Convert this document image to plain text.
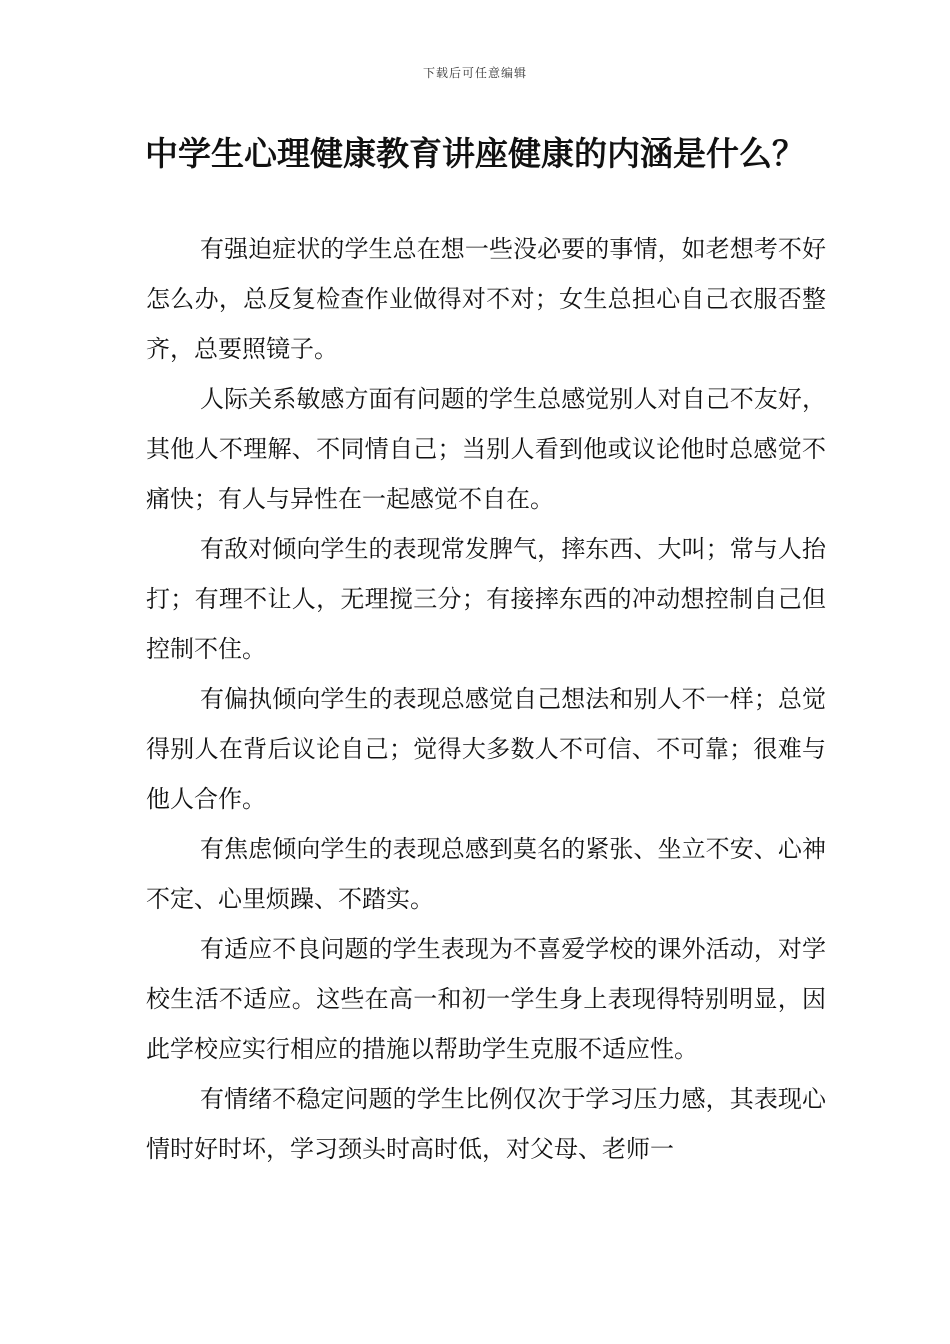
下载后可任意编辑
中学生心理健康教育讲座健康的内涵是什么？

有强迫症状的学生总在想一些没必要的事情，如老想考不好怎么办，总反复检查作业做得对不对；女生总担心自己衣服否整齐，总要照镜子。

人际关系敏感方面有问题的学生总感觉别人对自己不友好，其他人不理解、不同情自己；当别人看到他或议论他时总感觉不痛快；有人与异性在一起感觉不自在。

有敌对倾向学生的表现常发脾气，摔东西、大叫；常与人抬打；有理不让人，无理搅三分；有接摔东西的冲动想控制自己但控制不住。

有偏执倾向学生的表现总感觉自己想法和别人不一样；总觉得别人在背后议论自己；觉得大多数人不可信、不可靠；很难与他人合作。

有焦虑倾向学生的表现总感到莫名的紧张、坐立不安、心神不定、心里烦躁、不踏实。

有适应不良问题的学生表现为不喜爱学校的课外活动，对学校生活不适应。这些在高一和初一学生身上表现得特别明显，因此学校应实行相应的措施以帮助学生克服不适应性。

有情绪不稳定问题的学生比例仅次于学习压力感，其表现心情时好时坏，学习颈头时高时低，对父母、老师一
